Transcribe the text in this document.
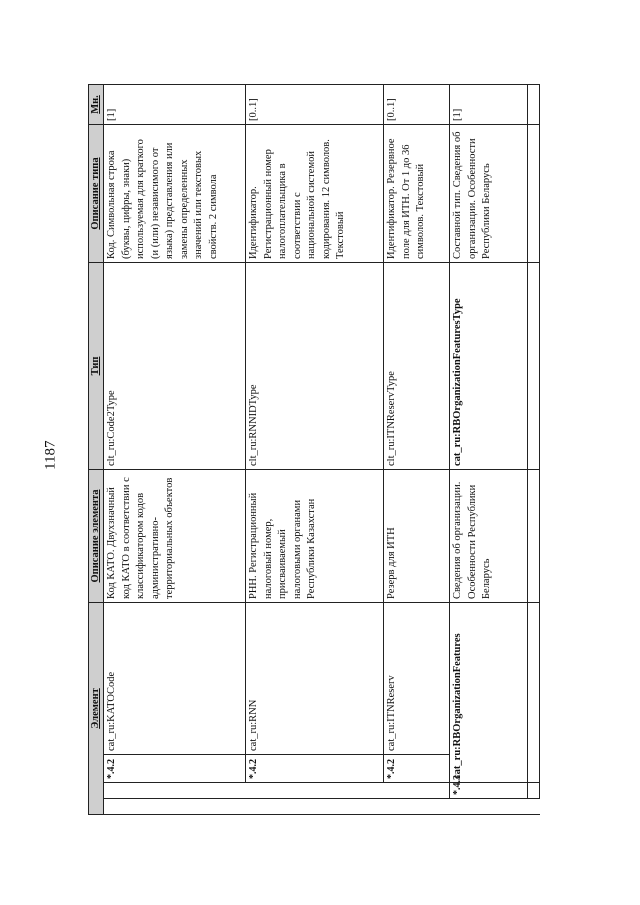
1187
Элемент				Описание элемента	Тип	Описание типа	Мн.
		*.4.2	cat_ru:KATOCode	Код КАТО. Двухзначный код КАТО в соответствии с классификатором кодов административно-территориальных объектов	clt_ru:Code2Type	Код. Символьная строка (буквы, цифры, знаки) используемая для краткого (и (или) независимого от языка) представления или замены определенных значений или текстовых свойств. 2 символа	[1]
		*.4.2	cat_ru:RNN	РНН. Регистрационный налоговый номер, присваиваемый налоговыми органами Республики Казахстан	clt_ru:RNNIDType	Идентификатор. Регистрационный номер налогоплательщика в соответствии с национальной системой кодирования. 12 символов. Текстовый	[0..1]
		*.4.2	cat_ru:ITNReserv	Резерв для ИТН	clt_ru:ITNReservType	Идентификатор. Резервное поле для ИТН. От 1 до 36 символов. Текстовый	[0..1]
	*.4.3	cat_ru:RBOrganizationFeatures		Сведения об организации. Особенности Республики Беларусь	cat_ru:RBOrganizationFeaturesType	Составной тип. Сведения об организации. Особенности Республики Беларусь	[1]
